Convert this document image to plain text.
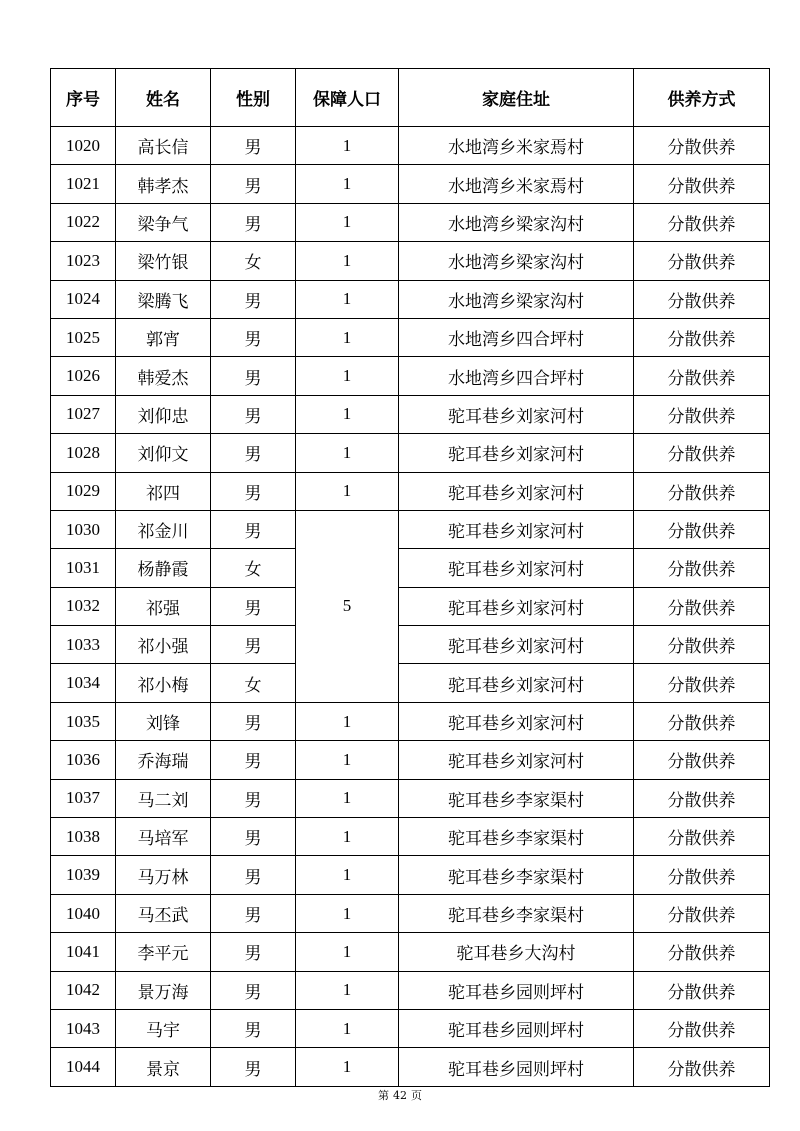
序号	姓名	性别	保障人口	家庭住址	供养方式
1020	高长信	男	1	水地湾乡米家焉村	分散供养
1021	韩孝杰	男	1	水地湾乡米家焉村	分散供养
1022	梁争气	男	1	水地湾乡梁家沟村	分散供养
1023	梁竹银	女	1	水地湾乡梁家沟村	分散供养
1024	梁腾飞	男	1	水地湾乡梁家沟村	分散供养
1025	郭宵	男	1	水地湾乡四合坪村	分散供养
1026	韩爱杰	男	1	水地湾乡四合坪村	分散供养
1027	刘仰忠	男	1	驼耳巷乡刘家河村	分散供养
1028	刘仰文	男	1	驼耳巷乡刘家河村	分散供养
1029	祁四	男	1	驼耳巷乡刘家河村	分散供养
1030	祁金川	男	5	驼耳巷乡刘家河村	分散供养
1031	杨静霞	女		驼耳巷乡刘家河村	分散供养
1032	祁强	男		驼耳巷乡刘家河村	分散供养
1033	祁小强	男		驼耳巷乡刘家河村	分散供养
1034	祁小梅	女		驼耳巷乡刘家河村	分散供养
1035	刘锋	男	1	驼耳巷乡刘家河村	分散供养
1036	乔海瑞	男	1	驼耳巷乡刘家河村	分散供养
1037	马二刘	男	1	驼耳巷乡李家渠村	分散供养
1038	马培军	男	1	驼耳巷乡李家渠村	分散供养
1039	马万林	男	1	驼耳巷乡李家渠村	分散供养
1040	马丕武	男	1	驼耳巷乡李家渠村	分散供养
1041	李平元	男	1	驼耳巷乡大沟村	分散供养
1042	景万海	男	1	驼耳巷乡园则坪村	分散供养
1043	马宇	男	1	驼耳巷乡园则坪村	分散供养
1044	景京	男	1	驼耳巷乡园则坪村	分散供养
第 42 页
